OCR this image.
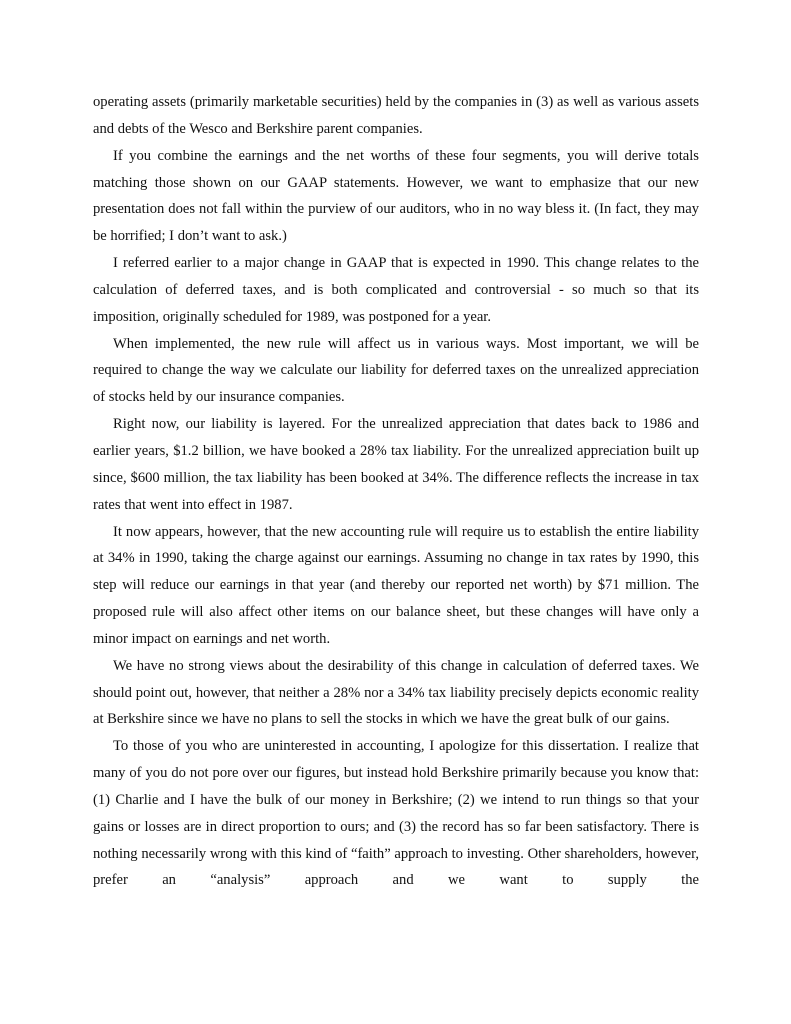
operating assets (primarily marketable securities) held by the companies in (3) as well as various assets and debts of the Wesco and Berkshire parent companies.

If you combine the earnings and the net worths of these four segments, you will derive totals matching those shown on our GAAP statements. However, we want to emphasize that our new presentation does not fall within the purview of our auditors, who in no way bless it. (In fact, they may be horrified; I don’t want to ask.)

I referred earlier to a major change in GAAP that is expected in 1990. This change relates to the calculation of deferred taxes, and is both complicated and controversial - so much so that its imposition, originally scheduled for 1989, was postponed for a year.

When implemented, the new rule will affect us in various ways. Most important, we will be required to change the way we calculate our liability for deferred taxes on the unrealized appreciation of stocks held by our insurance companies.

Right now, our liability is layered. For the unrealized appreciation that dates back to 1986 and earlier years, $1.2 billion, we have booked a 28% tax liability. For the unrealized appreciation built up since, $600 million, the tax liability has been booked at 34%. The difference reflects the increase in tax rates that went into effect in 1987.

It now appears, however, that the new accounting rule will require us to establish the entire liability at 34% in 1990, taking the charge against our earnings. Assuming no change in tax rates by 1990, this step will reduce our earnings in that year (and thereby our reported net worth) by $71 million. The proposed rule will also affect other items on our balance sheet, but these changes will have only a minor impact on earnings and net worth.

We have no strong views about the desirability of this change in calculation of deferred taxes. We should point out, however, that neither a 28% nor a 34% tax liability precisely depicts economic reality at Berkshire since we have no plans to sell the stocks in which we have the great bulk of our gains.

To those of you who are uninterested in accounting, I apologize for this dissertation. I realize that many of you do not pore over our figures, but instead hold Berkshire primarily because you know that: (1) Charlie and I have the bulk of our money in Berkshire; (2) we intend to run things so that your gains or losses are in direct proportion to ours; and (3) the record has so far been satisfactory. There is nothing necessarily wrong with this kind of “faith” approach to investing. Other shareholders, however, prefer an “analysis” approach and we want to supply the
